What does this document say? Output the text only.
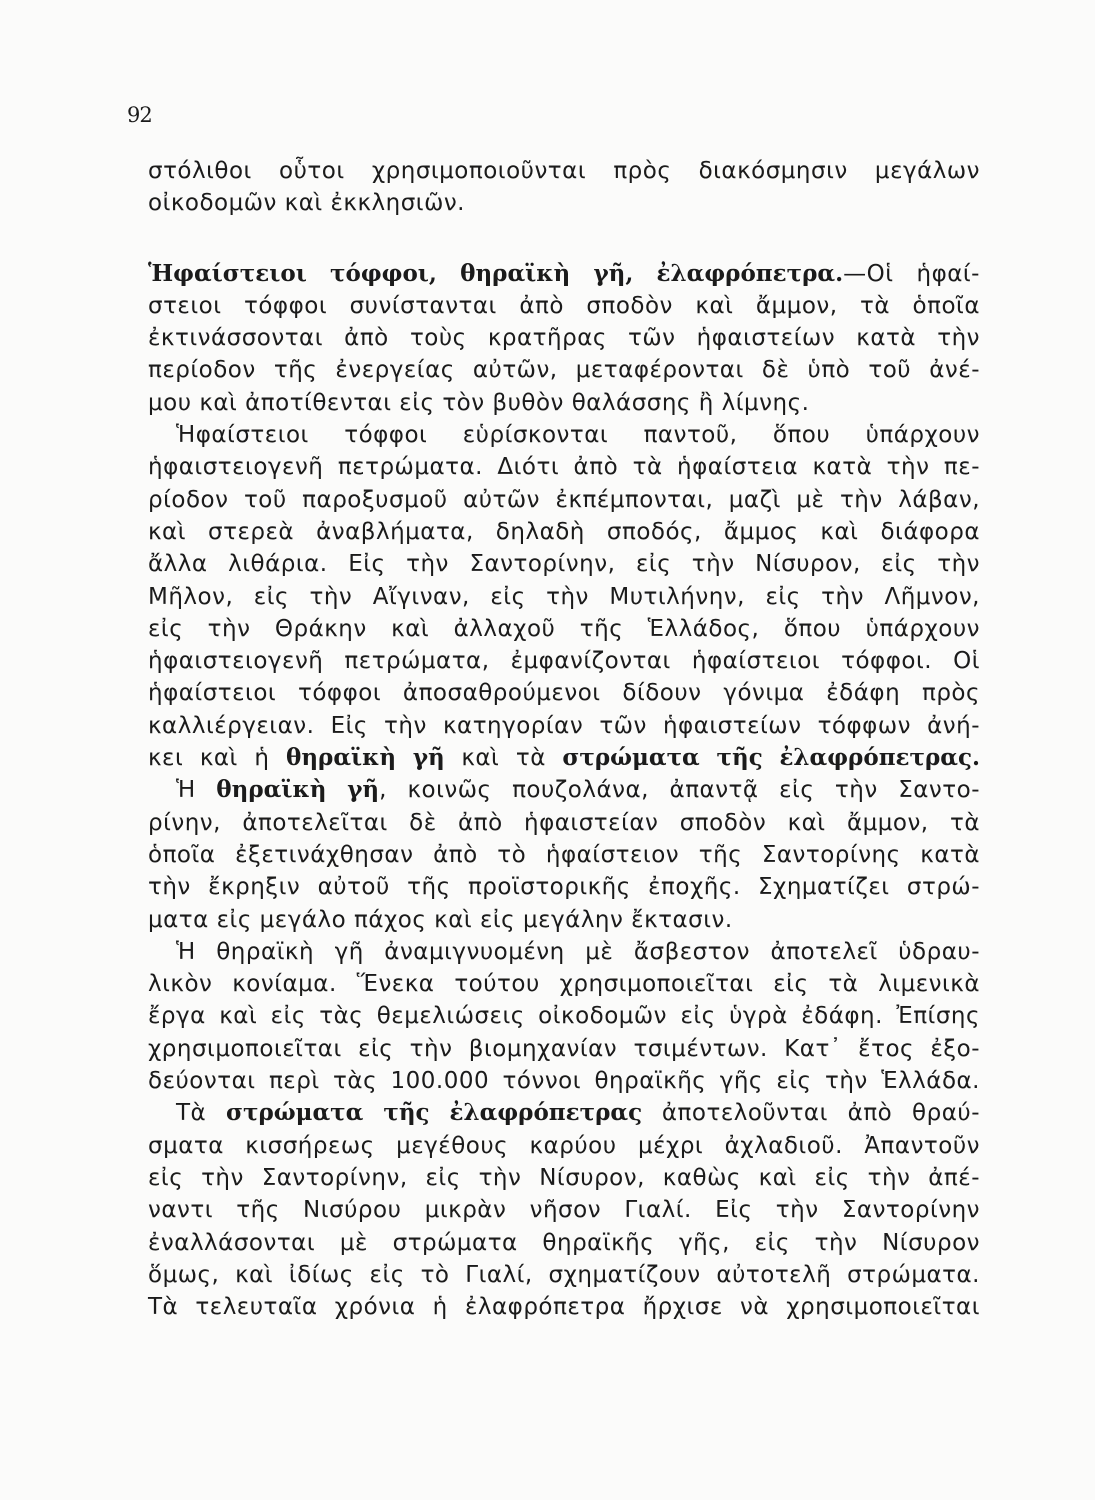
92
στόλιθοι οὗτοι χρησιμοποιοῦνται πρὸς διακόσμησιν μεγάλων
οἰκοδομῶν καὶ ἐκκλησιῶν.
Ἡφαίστειοι τόφφοι, θηραϊκὴ γῆ, ἐλαφρόπετρα.—Οἱ ἡφαί-
στειοι τόφφοι συνίστανται ἀπὸ σποδὸν καὶ ἄμμον, τὰ ὁποῖα
ἐκτινάσσονται ἀπὸ τοὺς κρατῆρας τῶν ἡφαιστείων κατὰ τὴν
περίοδον τῆς ἐνεργείας αὐτῶν, μεταφέρονται δὲ ὑπὸ τοῦ ἀνέ-
μου καὶ ἀποτίθενται εἰς τὸν βυθὸν θαλάσσης ἢ λίμνης.
Ἡφαίστειοι τόφφοι εὑρίσκονται παντοῦ, ὅπου ὑπάρχουν
ἡφαιστειογενῆ πετρώματα. Διότι ἀπὸ τὰ ἡφαίστεια κατὰ τὴν πε-
ρίοδον τοῦ παροξυσμοῦ αὐτῶν ἐκπέμπονται, μαζὶ μὲ τὴν λάβαν,
καὶ στερεὰ ἀναβλήματα, δηλαδὴ σποδός, ἄμμος καὶ διάφορα
ἄλλα λιθάρια. Εἰς τὴν Σαντορίνην, εἰς τὴν Νίσυρον, εἰς τὴν
Μῆλον, εἰς τὴν Αἴγιναν, εἰς τὴν Μυτιλήνην, εἰς τὴν Λῆμνον,
εἰς τὴν Θράκην καὶ ἀλλαχοῦ τῆς Ἑλλάδος, ὅπου ὑπάρχουν
ἡφαιστειογενῆ πετρώματα, ἐμφανίζονται ἡφαίστειοι τόφφοι. Οἱ
ἡφαίστειοι τόφφοι ἀποσαθρούμενοι δίδουν γόνιμα ἐδάφη πρὸς
καλλιέργειαν. Εἰς τὴν κατηγορίαν τῶν ἡφαιστείων τόφφων ἀνή-
κει καὶ ἡ θηραϊκὴ γῆ καὶ τὰ στρώματα τῆς ἐλαφρόπετρας.
Ἡ θηραϊκὴ γῆ, κοινῶς πουζολάνα, ἀπαντᾷ εἰς τὴν Σαντο-
ρίνην, ἀποτελεῖται δὲ ἀπὸ ἡφαιστείαν σποδὸν καὶ ἄμμον, τὰ
ὁποῖα ἐξετινάχθησαν ἀπὸ τὸ ἡφαίστειον τῆς Σαντορίνης κατὰ
τὴν ἔκρηξιν αὐτοῦ τῆς προϊστορικῆς ἐποχῆς. Σχηματίζει στρώ-
ματα εἰς μεγάλο πάχος καὶ εἰς μεγάλην ἔκτασιν.
Ἡ θηραϊκὴ γῆ ἀναμιγνυομένη μὲ ἄσβεστον ἀποτελεῖ ὑδραυ-
λικὸν κονίαμα. Ἕνεκα τούτου χρησιμοποιεῖται εἰς τὰ λιμενικὰ
ἔργα καὶ εἰς τὰς θεμελιώσεις οἰκοδομῶν εἰς ὑγρὰ ἐδάφη. Ἐπίσης
χρησιμοποιεῖται εἰς τὴν βιομηχανίαν τσιμέντων. Κατ᾽ ἔτος ἐξο-
δεύονται περὶ τὰς 100.000 τόννοι θηραϊκῆς γῆς εἰς τὴν Ἑλλάδα.
Τὰ στρώματα τῆς ἐλαφρόπετρας ἀποτελοῦνται ἀπὸ θραύ-
σματα κισσήρεως μεγέθους καρύου μέχρι ἀχλαδιοῦ. Ἀπαντοῦν
εἰς τὴν Σαντορίνην, εἰς τὴν Νίσυρον, καθὼς καὶ εἰς τὴν ἀπέ-
ναντι τῆς Νισύρου μικρὰν νῆσον Γιαλί. Εἰς τὴν Σαντορίνην
ἐναλλάσονται μὲ στρώματα θηραϊκῆς γῆς, εἰς τὴν Νίσυρον
ὅμως, καὶ ἰδίως εἰς τὸ Γιαλί, σχηματίζουν αὐτοτελῆ στρώματα.
Τὰ τελευταῖα χρόνια ἡ ἐλαφρόπετρα ἤρχισε νὰ χρησιμοποιεῖται
